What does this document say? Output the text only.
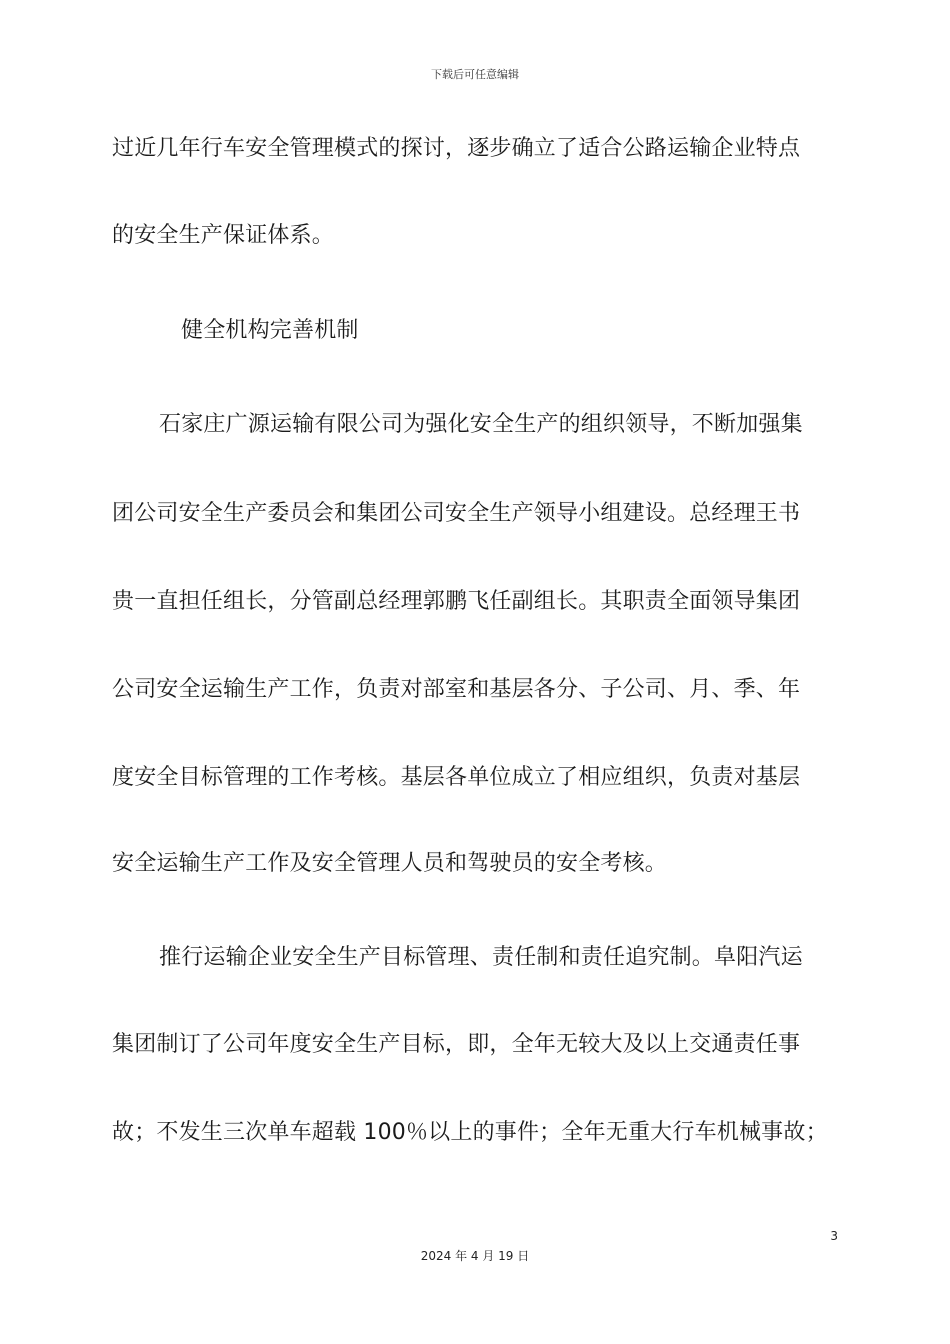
下载后可任意编辑
过近几年行车安全管理模式的探讨，逐步确立了适合公路运输企业特点
的安全生产保证体系。
健全机构完善机制
石家庄广源运输有限公司为强化安全生产的组织领导，不断加强集
团公司安全生产委员会和集团公司安全生产领导小组建设。总经理王书
贵一直担任组长，分管副总经理郭鹏飞任副组长。其职责全面领导集团
公司安全运输生产工作，负责对部室和基层各分、子公司、月、季、年
度安全目标管理的工作考核。基层各单位成立了相应组织，负责对基层
安全运输生产工作及安全管理人员和驾驶员的安全考核。
推行运输企业安全生产目标管理、责任制和责任追究制。阜阳汽运
集团制订了公司年度安全生产目标，即，全年无较大及以上交通责任事
故；不发生三次单车超载 100％以上的事件；全年无重大行车机械事故；
3
2024 年 4 月 19 日
